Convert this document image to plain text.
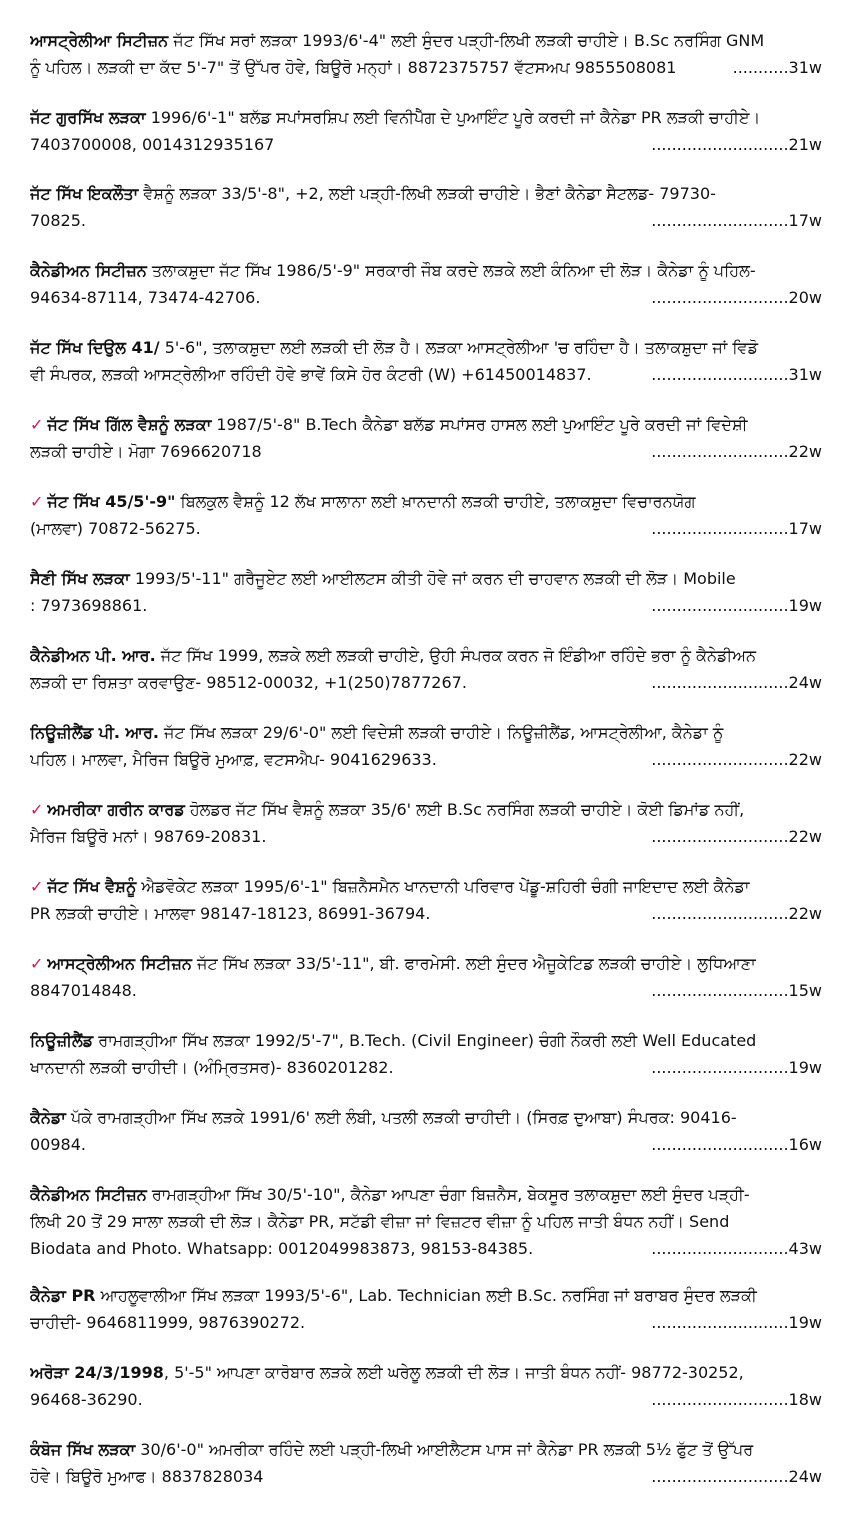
ਆਸਟ੍ਰੇਲੀਆ ਸਿਟੀਜ਼ਨ ਜੱਟ ਸਿੱਖ ਸਰਾਂ ਲੜਕਾ 1993/6'-4" ਲਈ ਸੁੰਦਰ ਪੜ੍ਹੀ-ਲਿਖੀ ਲੜਕੀ ਚਾਹੀਏ। B.Sc ਨਰਸਿੰਗ GNM
ਨੂੰ ਪਹਿਲ। ਲੜਕੀ ਦਾ ਕੱਦ 5'-7" ਤੋਂ ਉੱਪਰ ਹੋਵੇ, ਬਿਊਰੋ ਮਨ੍ਹਾਂ। 8872375757 ਵੱਟਸਅਪ 9855508081	...........31w
ਜੱਟ ਗੁਰਸਿੱਖ ਲੜਕਾ 1996/6'-1" ਬਲੱਡ ਸਪਾਂਸਰਸ਼ਿਪ ਲਈ ਵਿਨੀਪੈੱਗ ਦੇ ਪੁਆਇੰਟ ਪੂਰੇ ਕਰਦੀ ਜਾਂ ਕੈਨੇਡਾ PR ਲੜਕੀ ਚਾਹੀਏ।
7403700008, 0014312935167	...........................21w
ਜੱਟ ਸਿੱਖ ਇਕਲੌਤਾ ਵੈਸ਼ਨੂੰ ਲੜਕਾ 33/5'-8", +2, ਲਈ ਪੜ੍ਹੀ-ਲਿਖੀ ਲੜਕੀ ਚਾਹੀਏ। ਭੈਣਾਂ ਕੈਨੇਡਾ ਸੈਟਲਡ- 79730-
70825.	...........................17w
ਕੈਨੇਡੀਅਨ ਸਿਟੀਜ਼ਨ ਤਲਾਕਸ਼ੁਦਾ ਜੱਟ ਸਿੱਖ 1986/5'-9" ਸਰਕਾਰੀ ਜੌਬ ਕਰਦੇ ਲੜਕੇ ਲਈ ਕੰਨਿਆ ਦੀ ਲੋੜ। ਕੈਨੇਡਾ ਨੂੰ ਪਹਿਲ-
94634-87114, 73474-42706.	...........................20w
ਜੱਟ ਸਿੱਖ ਦਿਉਲ 41/ 5'-6", ਤਲਾਕਸ਼ੁਦਾ ਲਈ ਲੜਕੀ ਦੀ ਲੋੜ ਹੈ। ਲੜਕਾ ਆਸਟ੍ਰੇਲੀਆ 'ਚ ਰਹਿੰਦਾ ਹੈ। ਤਲਾਕਸ਼ੁਦਾ ਜਾਂ ਵਿਡੋ
ਵੀ ਸੰਪਰਕ, ਲੜਕੀ ਆਸਟ੍ਰੇਲੀਆ ਰਹਿੰਦੀ ਹੋਵੇ ਭਾਵੇਂ ਕਿਸੇ ਹੋਰ ਕੰਟਰੀ (W) +61450014837.	...........................31w
✓ ਜੱਟ ਸਿੱਖ ਗਿੱਲ ਵੈਸ਼ਨੂੰ ਲੜਕਾ 1987/5'-8" B.Tech ਕੈਨੇਡਾ ਬਲੱਡ ਸਪਾਂਸਰ ਹਾਸਲ ਲਈ ਪੁਆਇੰਟ ਪੂਰੇ ਕਰਦੀ ਜਾਂ ਵਿਦੇਸ਼ੀ
ਲੜਕੀ ਚਾਹੀਏ। ਮੋਗਾ 7696620718	...........................22w
✓ ਜੱਟ ਸਿੱਖ 45/5'-9" ਬਿਲਕੁਲ ਵੈਸ਼ਨੂੰ 12 ਲੱਖ ਸਾਲਾਨਾ ਲਈ ਖ਼ਾਨਦਾਨੀ ਲੜਕੀ ਚਾਹੀਏ, ਤਲਾਕਸ਼ੁਦਾ ਵਿਚਾਰਨਯੋਗ
(ਮਾਲਵਾ) 70872-56275.	...........................17w
ਸੈਣੀ ਸਿੱਖ ਲੜਕਾ 1993/5'-11" ਗਰੈਜੂਏਟ ਲਈ ਆਈਲਟਸ ਕੀਤੀ ਹੋਵੇ ਜਾਂ ਕਰਨ ਦੀ ਚਾਹਵਾਨ ਲੜਕੀ ਦੀ ਲੋੜ। Mobile
: 7973698861.	...........................19w
ਕੈਨੇਡੀਅਨ ਪੀ. ਆਰ. ਜੱਟ ਸਿੱਖ 1999, ਲੜਕੇ ਲਈ ਲੜਕੀ ਚਾਹੀਏ, ਉਹੀ ਸੰਪਰਕ ਕਰਨ ਜੋ ਇੰਡੀਆ ਰਹਿੰਦੇ ਭਰਾ ਨੂੰ ਕੈਨੇਡੀਅਨ
ਲੜਕੀ ਦਾ ਰਿਸ਼ਤਾ ਕਰਵਾਉਣ- 98512-00032, +1(250)7877267.	...........................24w
ਨਿਊਜ਼ੀਲੈਂਡ ਪੀ. ਆਰ. ਜੱਟ ਸਿੱਖ ਲੜਕਾ 29/6'-0" ਲਈ ਵਿਦੇਸ਼ੀ ਲੜਕੀ ਚਾਹੀਏ। ਨਿਊਜ਼ੀਲੈਂਡ, ਆਸਟ੍ਰੇਲੀਆ, ਕੈਨੇਡਾ ਨੂੰ
ਪਹਿਲ। ਮਾਲਵਾ, ਮੈਰਿਜ ਬਿਊਰੋ ਮੁਆਫ਼, ਵਟਸਐਪ- 9041629633.	...........................22w
✓ ਅਮਰੀਕਾ ਗਰੀਨ ਕਾਰਡ ਹੋਲਡਰ ਜੱਟ ਸਿੱਖ ਵੈਸ਼ਨੂੰ ਲੜਕਾ 35/6' ਲਈ B.Sc ਨਰਸਿੰਗ ਲੜਕੀ ਚਾਹੀਏ। ਕੋਈ ਡਿਮਾਂਡ ਨਹੀਂ,
ਮੈਰਿਜ ਬਿਊਰੋ ਮਨਾਂ। 98769-20831.	...........................22w
✓ ਜੱਟ ਸਿੱਖ ਵੈਸ਼ਨੂੰ ਐਡਵੋਕੇਟ ਲੜਕਾ 1995/6'-1" ਬਿਜ਼ਨੈਸਮੈਨ ਖਾਨਦਾਨੀ ਪਰਿਵਾਰ ਪੇਂਡੂ-ਸ਼ਹਿਰੀ ਚੰਗੀ ਜਾਇਦਾਦ ਲਈ ਕੈਨੇਡਾ
PR ਲੜਕੀ ਚਾਹੀਏ। ਮਾਲਵਾ 98147-18123, 86991-36794.	...........................22w
✓ ਆਸਟ੍ਰੇਲੀਅਨ ਸਿਟੀਜ਼ਨ ਜੱਟ ਸਿੱਖ ਲੜਕਾ 33/5'-11", ਬੀ. ਫਾਰਮੇਸੀ. ਲਈ ਸੁੰਦਰ ਐਜੂਕੇਟਿਡ ਲੜਕੀ ਚਾਹੀਏ। ਲੁਧਿਆਣਾ
8847014848.	...........................15w
ਨਿਊਜ਼ੀਲੈਂਡ ਰਾਮਗੜ੍ਹੀਆ ਸਿੱਖ ਲੜਕਾ 1992/5'-7", B.Tech. (Civil Engineer) ਚੰਗੀ ਨੌਕਰੀ ਲਈ Well Educated
ਖਾਨਦਾਨੀ ਲੜਕੀ ਚਾਹੀਦੀ। (ਅੰਮ੍ਰਿਤਸਰ)- 8360201282.	...........................19w
ਕੈਨੇਡਾ ਪੱਕੇ ਰਾਮਗੜ੍ਹੀਆ ਸਿੱਖ ਲੜਕੇ 1991/6' ਲਈ ਲੰਬੀ, ਪਤਲੀ ਲੜਕੀ ਚਾਹੀਦੀ। (ਸਿਰਫ਼ ਦੁਆਬਾ) ਸੰਪਰਕ: 90416-
00984.	...........................16w
ਕੈਨੇਡੀਅਨ ਸਿਟੀਜ਼ਨ ਰਾਮਗੜ੍ਹੀਆ ਸਿੱਖ 30/5'-10", ਕੈਨੇਡਾ ਆਪਣਾ ਚੰਗਾ ਬਿਜ਼ਨੈਸ, ਬੇਕਸੂਰ ਤਲਾਕਸ਼ੁਦਾ ਲਈ ਸੁੰਦਰ ਪੜ੍ਹੀ-
ਲਿਖੀ 20 ਤੋਂ 29 ਸਾਲਾ ਲੜਕੀ ਦੀ ਲੋੜ। ਕੈਨੇਡਾ PR, ਸਟੱਡੀ ਵੀਜ਼ਾ ਜਾਂ ਵਿਜ਼ਟਰ ਵੀਜ਼ਾ ਨੂੰ ਪਹਿਲ ਜਾਤੀ ਬੰਧਨ ਨਹੀਂ। Send
Biodata and Photo. Whatsapp: 0012049983873, 98153-84385.	...........................43w
ਕੈਨੇਡਾ PR ਆਹਲੂਵਾਲੀਆ ਸਿੱਖ ਲੜਕਾ 1993/5'-6", Lab. Technician ਲਈ B.Sc. ਨਰਸਿੰਗ ਜਾਂ ਬਰਾਬਰ ਸੁੰਦਰ ਲੜਕੀ
ਚਾਹੀਦੀ- 9646811999, 9876390272.	...........................19w
ਅਰੋੜਾ 24/3/1998, 5'-5" ਆਪਣਾ ਕਾਰੋਬਾਰ ਲੜਕੇ ਲਈ ਘਰੇਲੂ ਲੜਕੀ ਦੀ ਲੋੜ। ਜਾਤੀ ਬੰਧਨ ਨਹੀਂ- 98772-30252,
96468-36290.	...........................18w
ਕੰਬੋਜ ਸਿੱਖ ਲੜਕਾ 30/6'-0" ਅਮਰੀਕਾ ਰਹਿੰਦੇ ਲਈ ਪੜ੍ਹੀ-ਲਿਖੀ ਆਈਲੈਟਸ ਪਾਸ ਜਾਂ ਕੈਨੇਡਾ PR ਲੜਕੀ 5½ ਫੁੱਟ ਤੋਂ ਉੱਪਰ
ਹੋਵੇ। ਬਿਊਰੋ ਮੁਆਫ। 8837828034	...........................24w
